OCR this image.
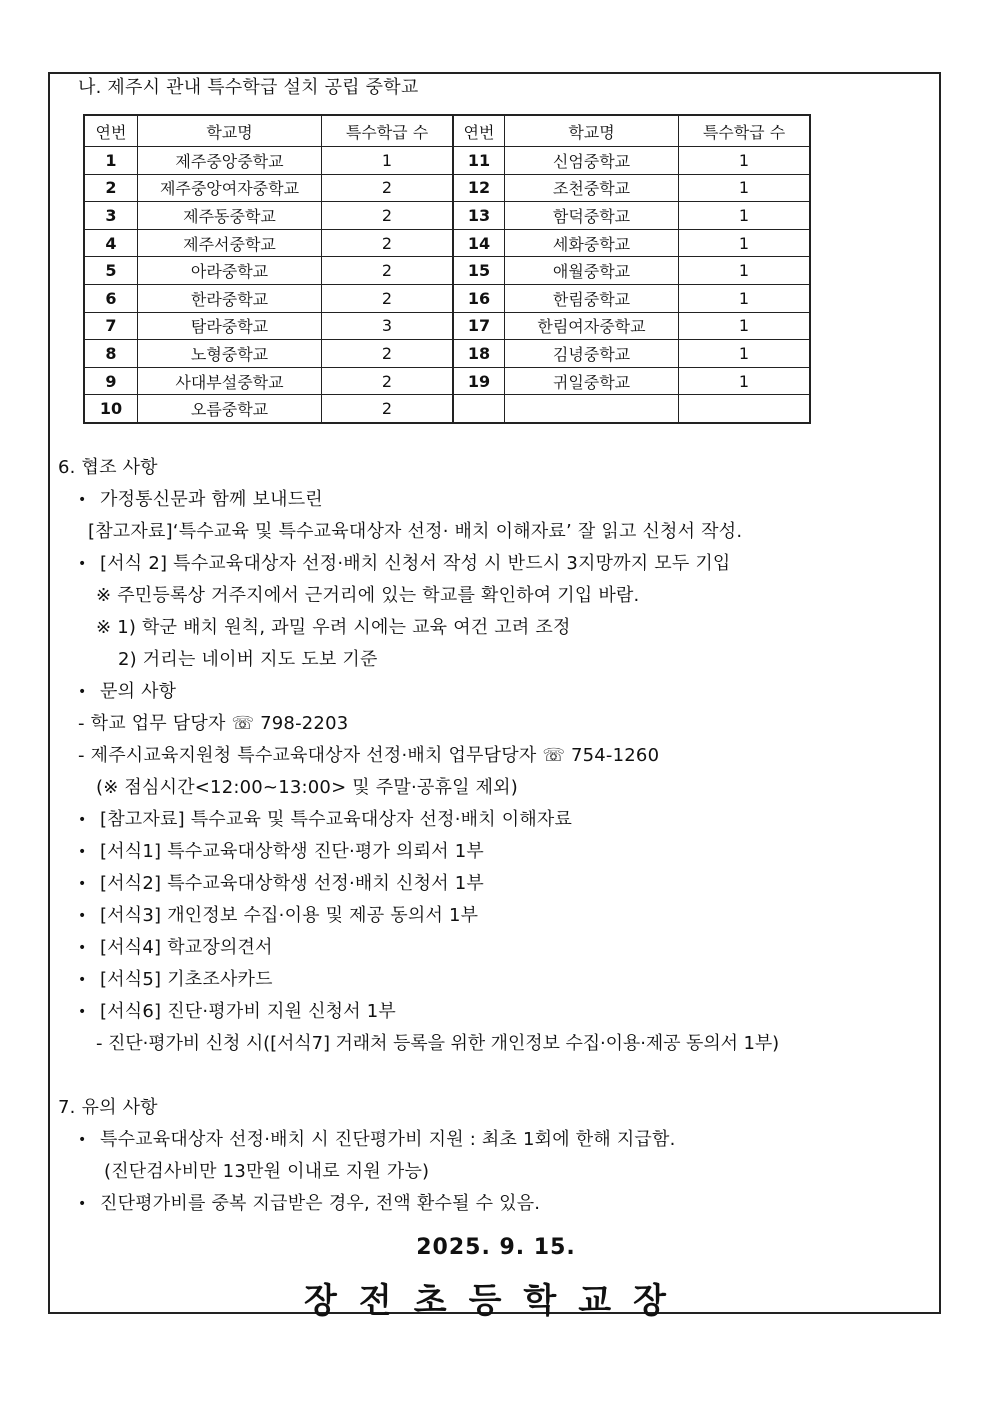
나. 제주시 관내 특수학급 설치 공립 중학교
연번	학교명	특수학급 수	연번	학교명	특수학급 수
1	제주중앙중학교	1	11	신엄중학교	1
2	제주중앙여자중학교	2	12	조천중학교	1
3	제주동중학교	2	13	함덕중학교	1
4	제주서중학교	2	14	세화중학교	1
5	아라중학교	2	15	애월중학교	1
6	한라중학교	2	16	한림중학교	1
7	탐라중학교	3	17	한림여자중학교	1
8	노형중학교	2	18	김녕중학교	1
9	사대부설중학교	2	19	귀일중학교	1
10	오름중학교	2			
6. 협조 사항
• 가정통신문과 함께 보내드린
[참고자료]‘특수교육 및 특수교육대상자 선정· 배치 이해자료’ 잘 읽고 신청서 작성.
• [서식 2] 특수교육대상자 선정·배치 신청서 작성 시 반드시 3지망까지 모두 기입
※ 주민등록상 거주지에서 근거리에 있는 학교를 확인하여 기입 바람.
※ 1) 학군 배치 원칙, 과밀 우려 시에는 교육 여건 고려 조정
2) 거리는 네이버 지도 도보 기준
• 문의 사항
- 학교 업무 담당자 ☏ 798-2203
- 제주시교육지원청 특수교육대상자 선정·배치 업무담당자 ☏ 754-1260
(※ 점심시간<12:00~13:00> 및 주말·공휴일 제외)
• [참고자료] 특수교육 및 특수교육대상자 선정·배치 이해자료
• [서식1] 특수교육대상학생 진단·평가 의뢰서 1부
• [서식2] 특수교육대상학생 선정·배치 신청서 1부
• [서식3] 개인정보 수집·이용 및 제공 동의서 1부
• [서식4] 학교장의견서
• [서식5] 기초조사카드
• [서식6] 진단·평가비 지원 신청서 1부
- 진단·평가비 신청 시([서식7] 거래처 등록을 위한 개인정보 수집·이용·제공 동의서 1부)
7. 유의 사항
• 특수교육대상자 선정·배치 시 진단평가비 지원 : 최초 1회에 한해 지급함.
(진단검사비만 13만원 이내로 지원 가능)
• 진단평가비를 중복 지급받은 경우, 전액 환수될 수 있음.
2025. 9. 15.
장전초등학교장
